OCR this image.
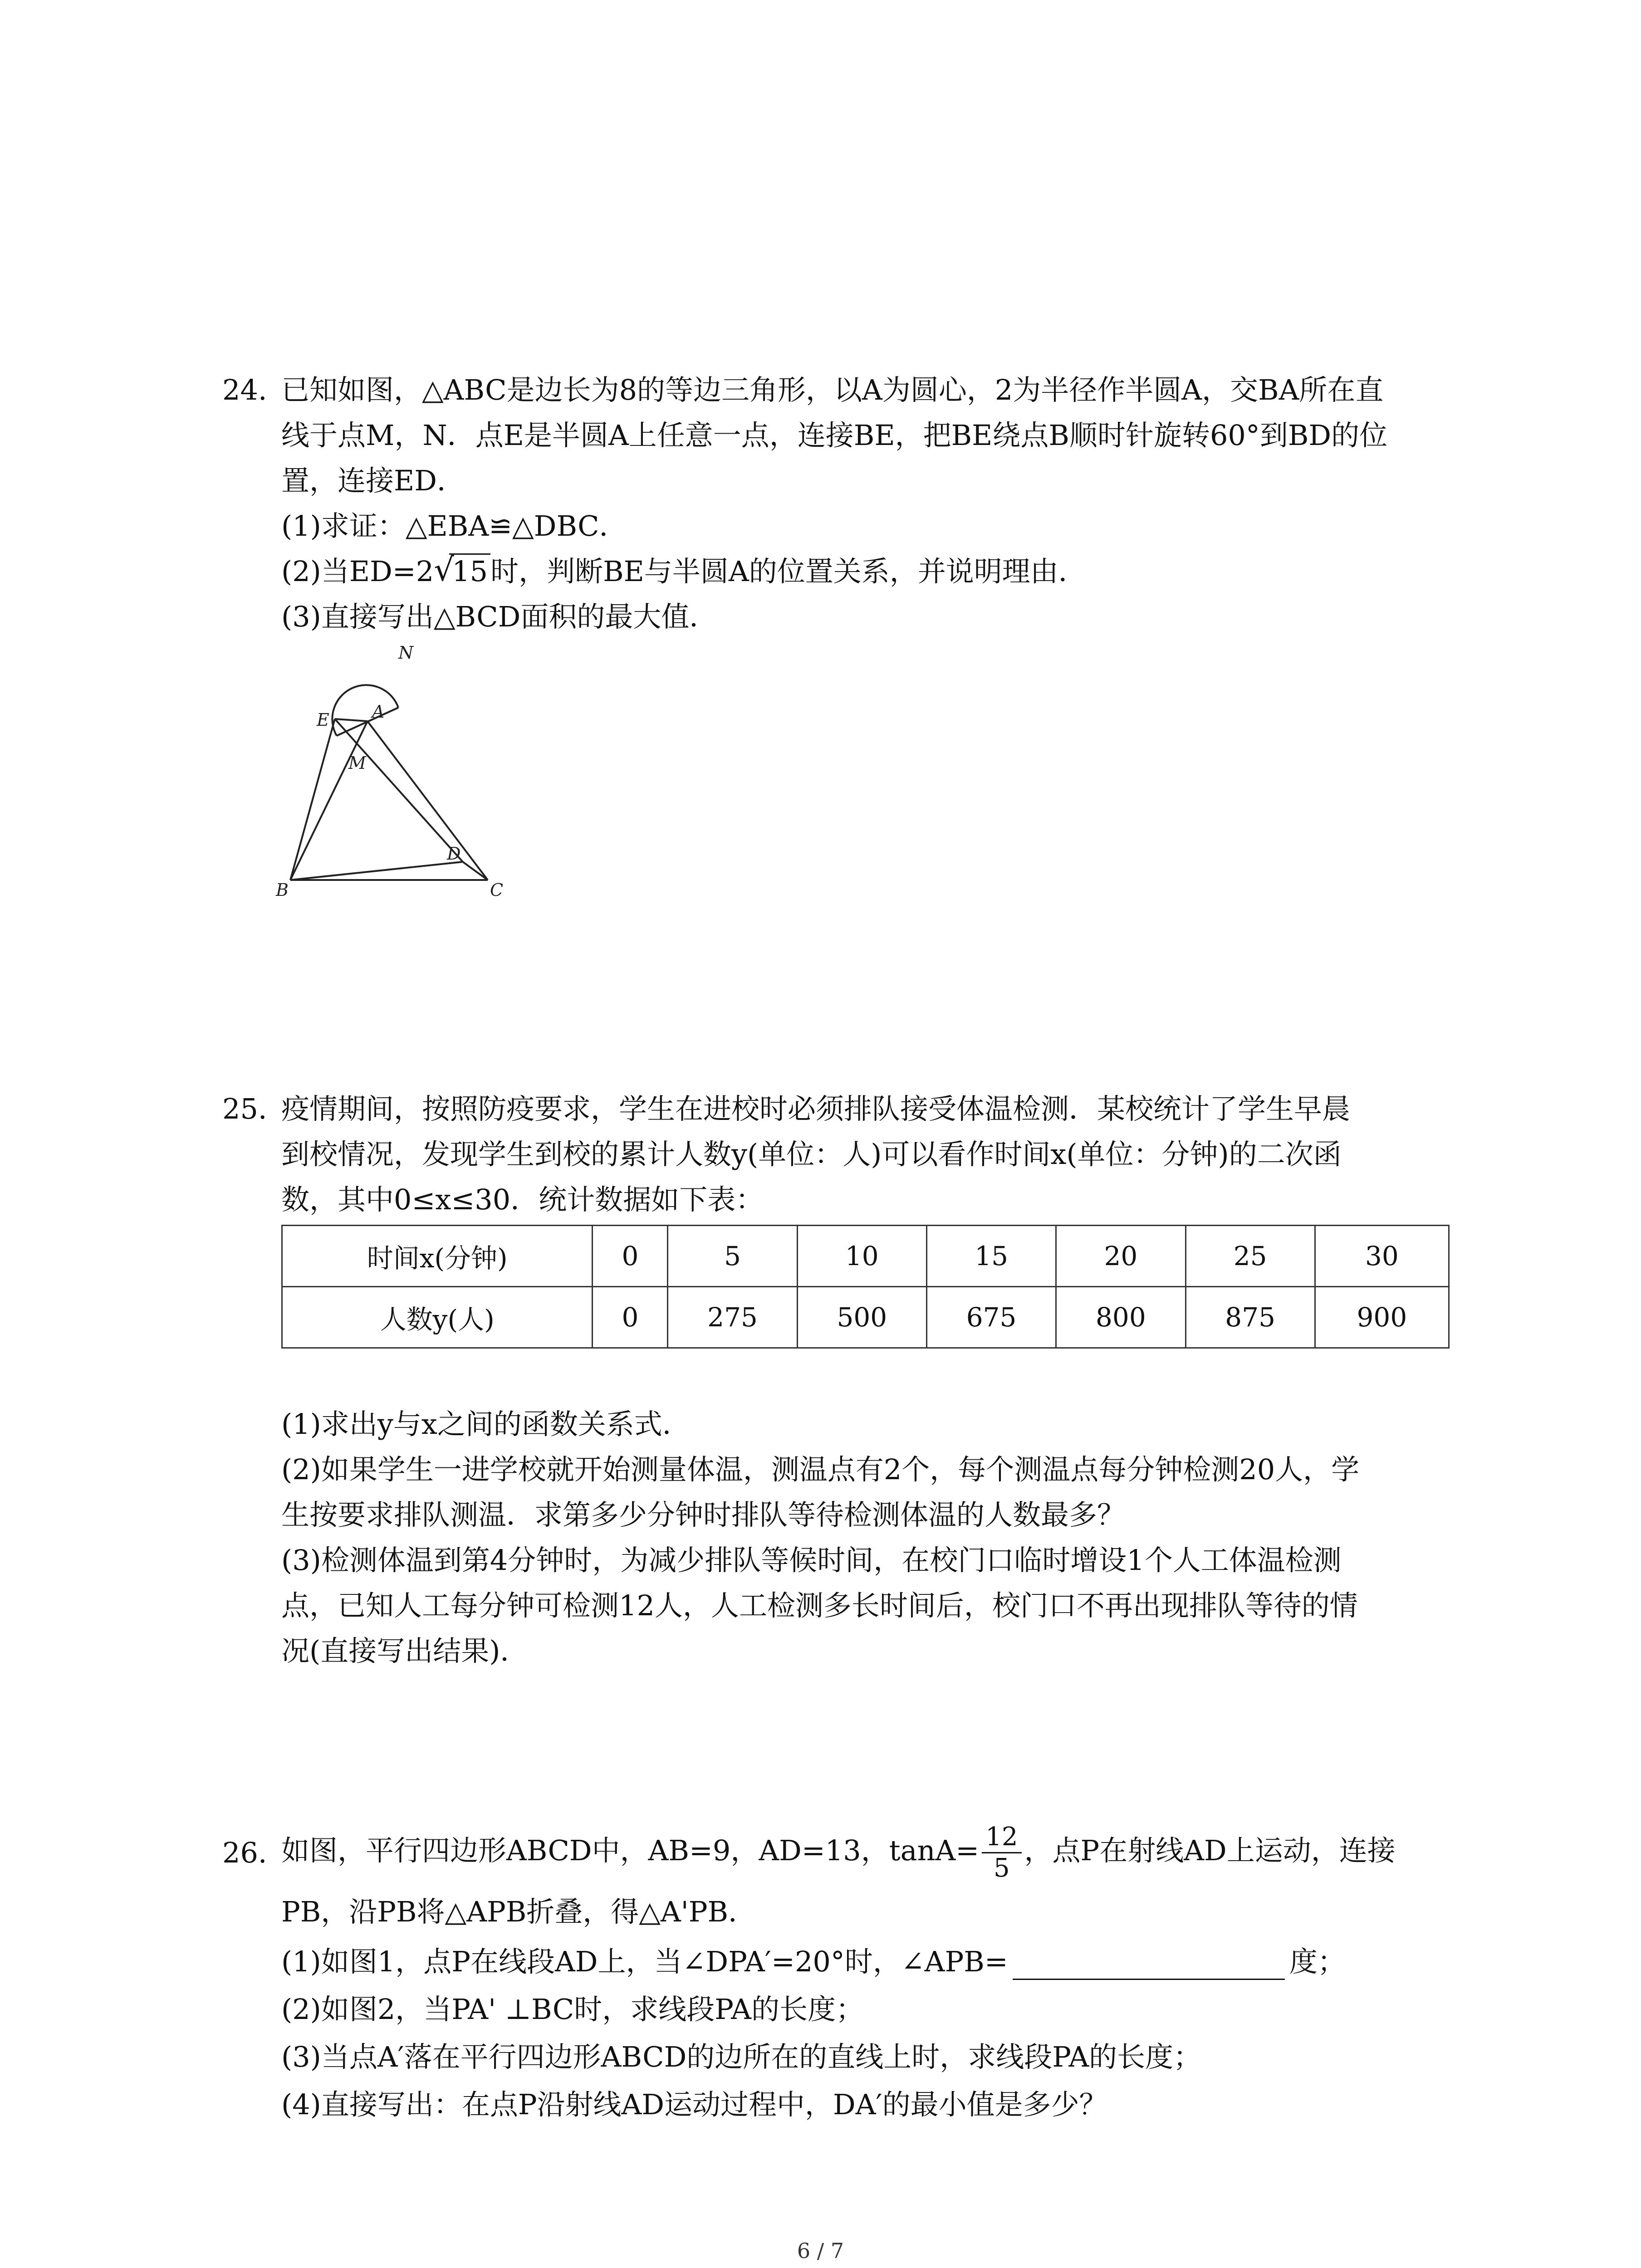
24. 已知如图，△ABC是边长为8的等边三角形，以A为圆心，2为半径作半圆A，交BA所在直
线于点M，N．点E是半圆A上任意一点，连接BE，把BE绕点B顺时针旋转60°到BD的位
置，连接ED．
(1)求证：△EBA≌△DBC．
(2)当ED=2 √ 15时，判断BE与半圆A的位置关系，并说明理由．
(3)直接写出△BCD面积的最大值．
N
A
E
M
D
B	C
25. 疫情期间，按照防疫要求，学生在进校时必须排队接受体温检测．某校统计了学生早晨
到校情况，发现学生到校的累计人数y(单位：人)可以看作时间x(单位：分钟)的二次函
数，其中0≤x≤30．统计数据如下表：
时间x(分钟)	0	5	10	15	20	25	30
人数y(人)	0	275	500	675	800	875	900
(1)求出y与x之间的函数关系式．
(2)如果学生一进学校就开始测量体温，测温点有2个，每个测温点每分钟检测20人，学
生按要求排队测温．求第多少分钟时排队等待检测体温的人数最多？
(3)检测体温到第4分钟时，为减少排队等候时间，在校门口临时增设1个人工体温检测
点，已知人工每分钟可检测12人，人工检测多长时间后，校门口不再出现排队等待的情
况(直接写出结果)．
26. 如图，平行四边形ABCD中，AB=9，AD=13，$\tan A= \frac{12}{5}$ ，点P在射线AD上运动，连接
PB，沿PB将△APB折叠，得△A'PB．
(1)如图1，点P在线段AD上，当∠DPA′=20°时，∠APB=	度；
(2)如图2，当PA' ⊥BC时，求线段PA的长度；
(3)当点A′落在平行四边形ABCD的边所在的直线上时，求线段PA的长度；
(4)直接写出：在点P沿射线AD运动过程中，DA′的最小值是多少？
6 / 7
